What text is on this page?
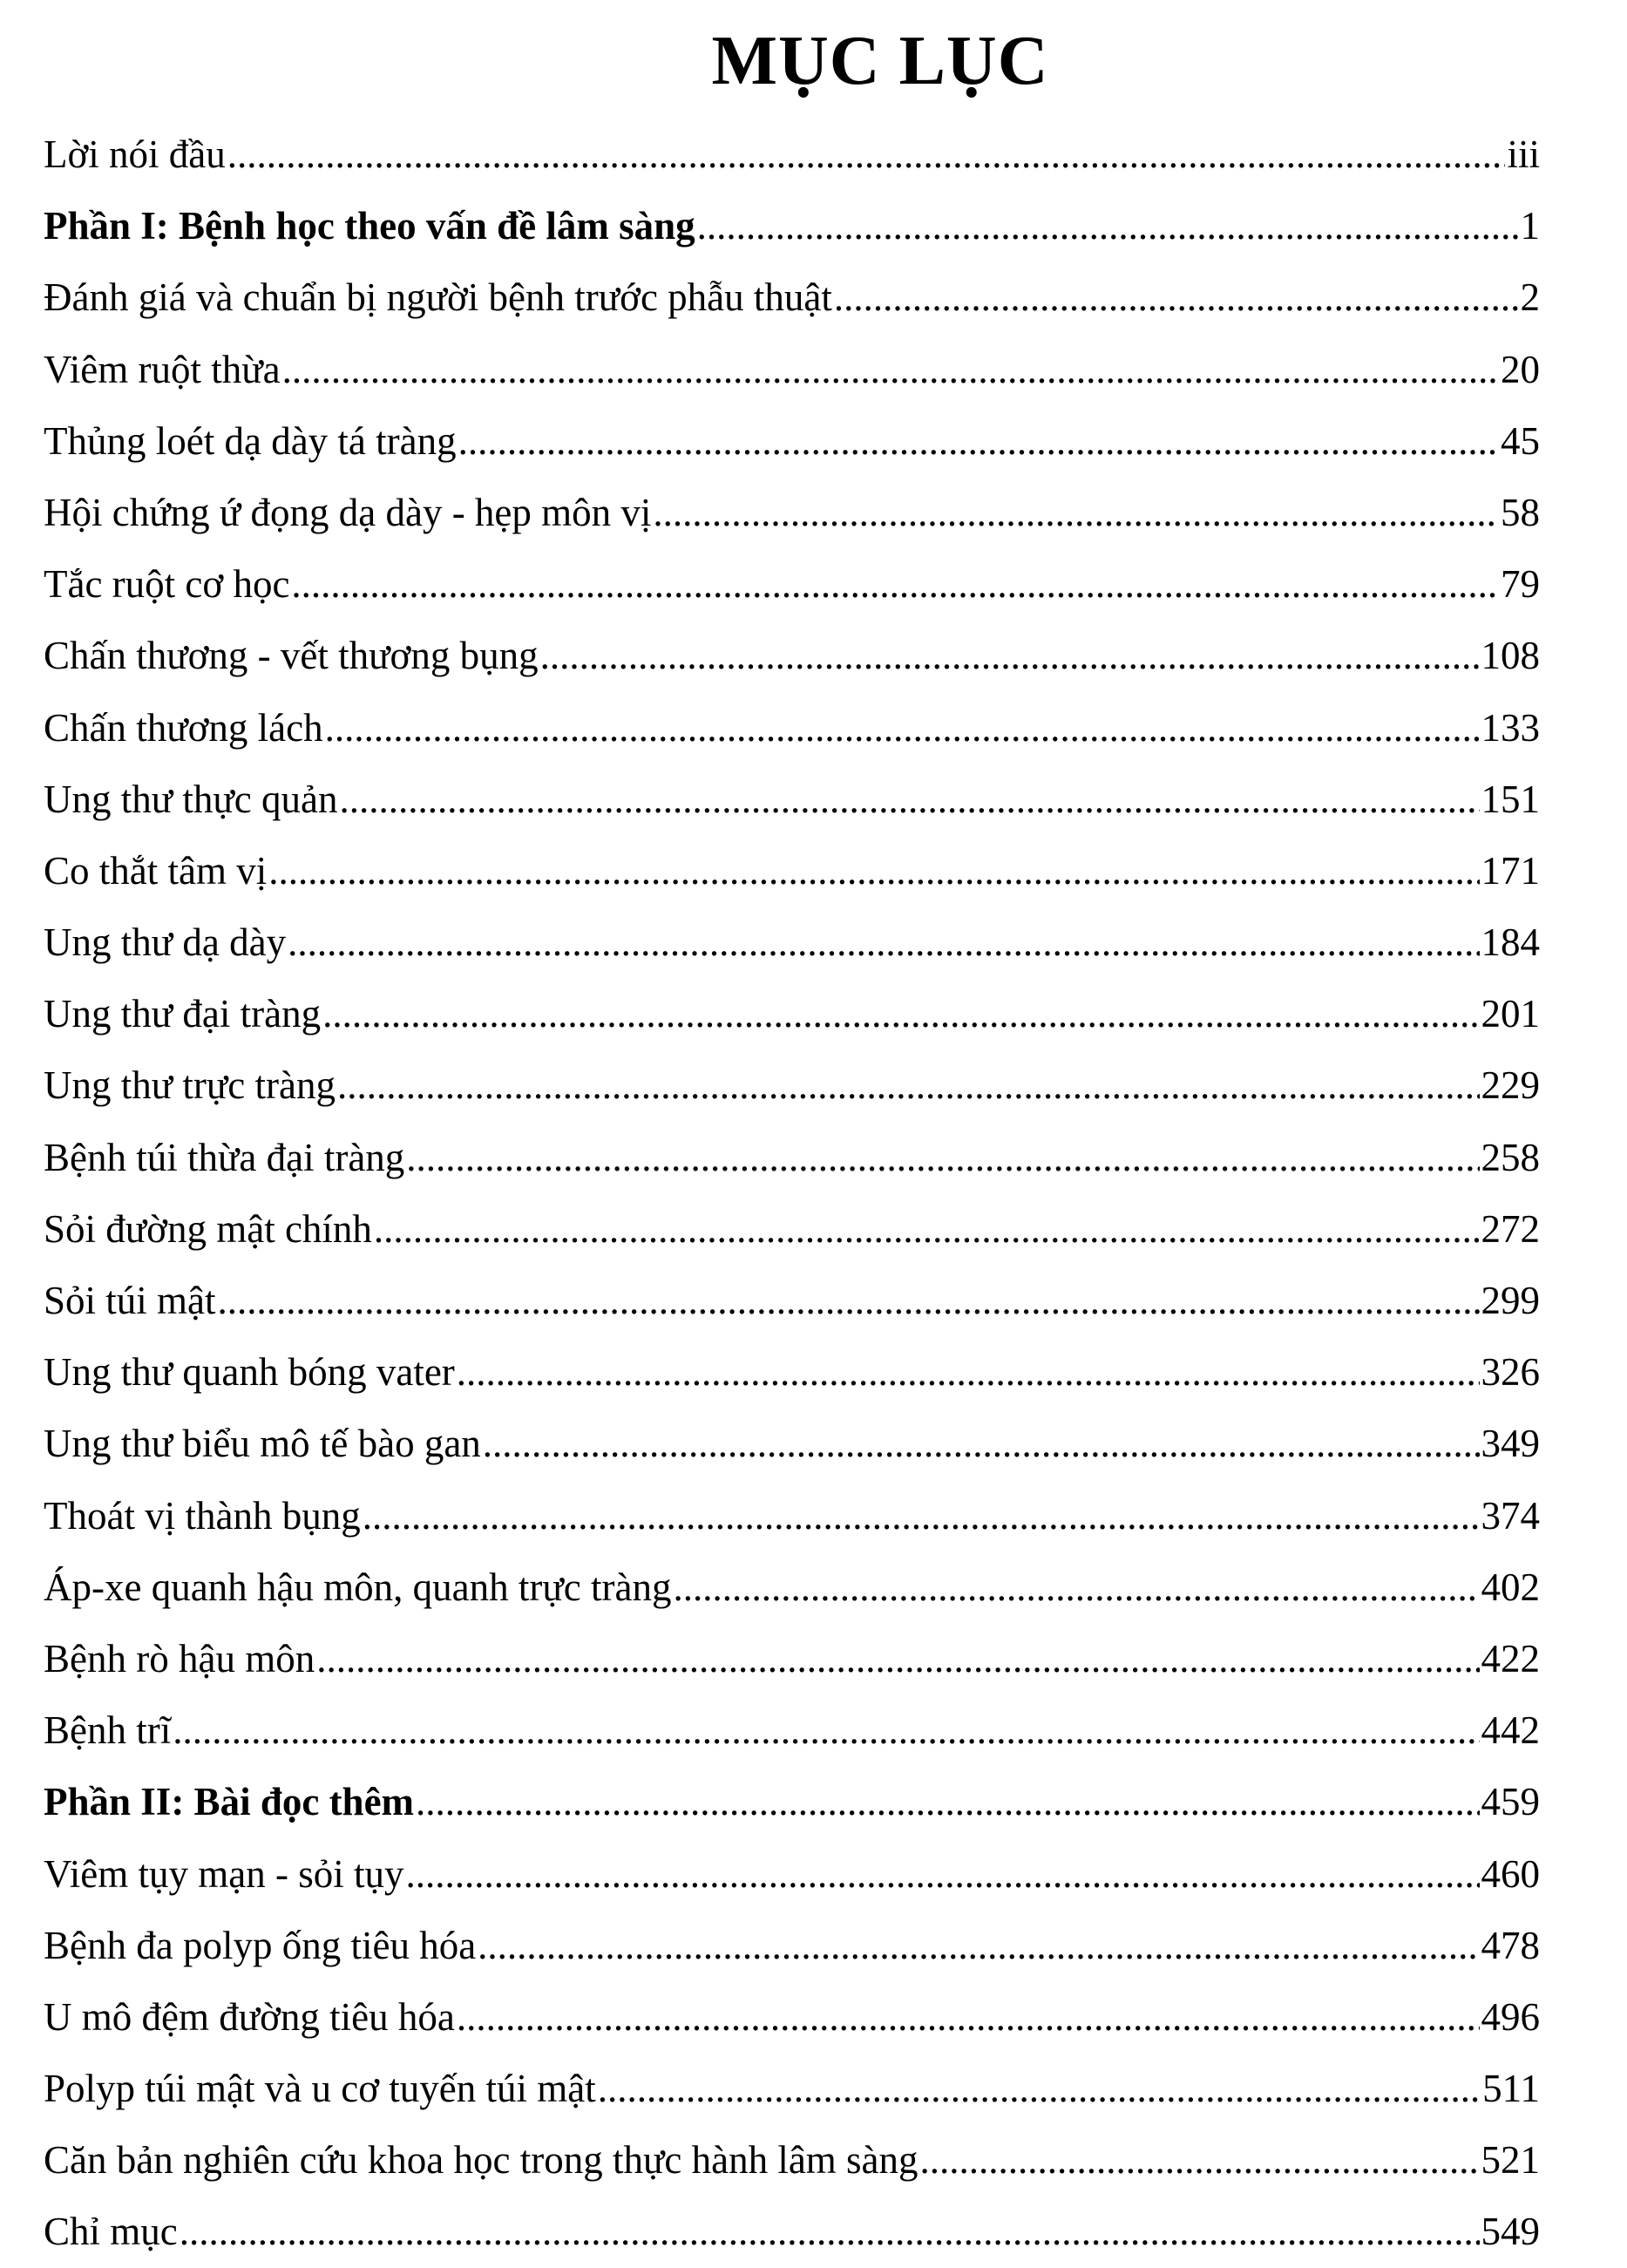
MỤC LỤC
Lời nói đầu .....	iii
Phần I: Bệnh học theo vấn đề lâm sàng .....	1
Đánh giá và chuẩn bị người bệnh trước phẫu thuật .....	2
Viêm ruột thừa .....	20
Thủng loét dạ dày tá tràng .....	45
Hội chứng ứ đọng dạ dày - hẹp môn vị .....	58
Tắc ruột cơ học .....	79
Chấn thương - vết thương bụng .....	108
Chấn thương lách .....	133
Ung thư thực quản .....	151
Co thắt tâm vị .....	171
Ung thư dạ dày .....	184
Ung thư đại tràng .....	201
Ung thư trực tràng .....	229
Bệnh túi thừa đại tràng .....	258
Sỏi đường mật chính .....	272
Sỏi túi mật .....	299
Ung thư quanh bóng vater .....	326
Ung thư biểu mô tế bào gan .....	349
Thoát vị thành bụng .....	374
Áp-xe quanh hậu môn, quanh trực tràng .....	402
Bệnh rò hậu môn .....	422
Bệnh trĩ .....	442
Phần II: Bài đọc thêm .....	459
Viêm tụy mạn - sỏi tụy .....	460
Bệnh đa polyp ống tiêu hóa .....	478
U mô đệm đường tiêu hóa .....	496
Polyp túi mật và u cơ tuyến túi mật .....	511
Căn bản nghiên cứu khoa học trong thực hành lâm sàng .....	521
Chỉ mục .....	549
